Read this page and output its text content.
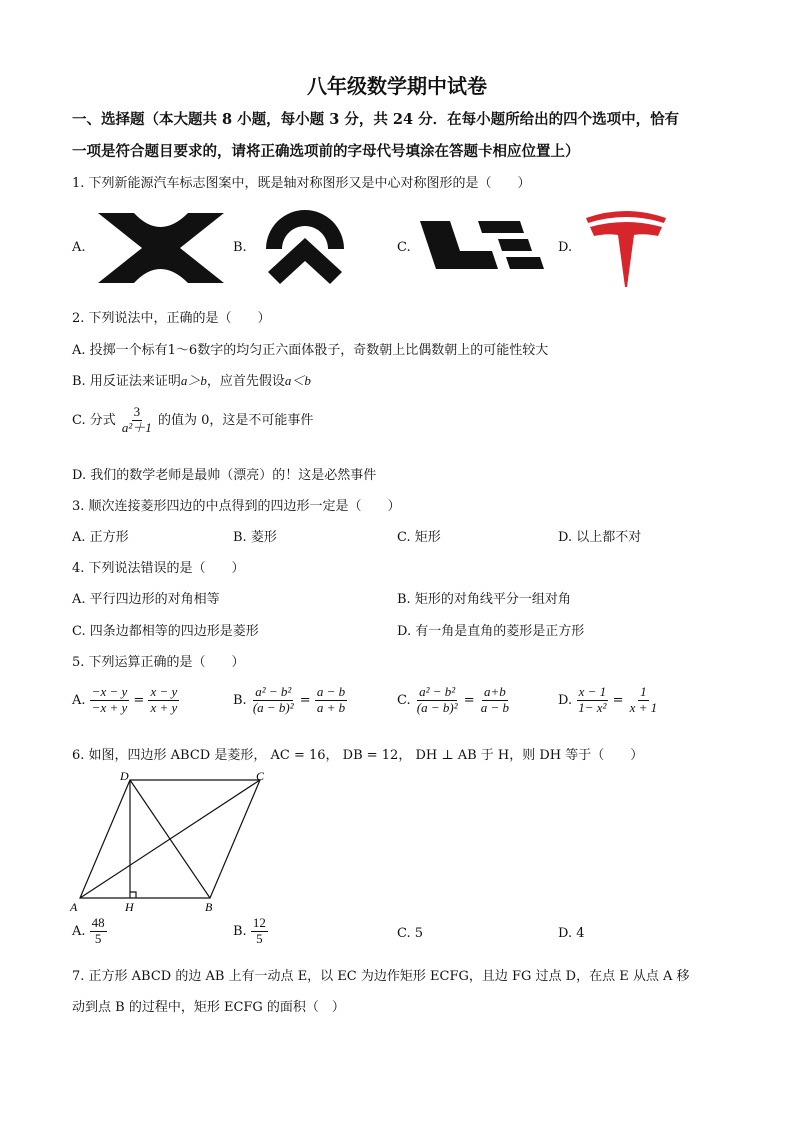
八年级数学期中试卷
一、选择题（本大题共 8 小题，每小题 3 分，共 24 分．在每小题所给出的四个选项中，恰有
一项是符合题目要求的，请将正确选项前的字母代号填涂在答题卡相应位置上）
1. 下列新能源汽车标志图案中，既是轴对称图形又是中心对称图形的是（　　）
A.	B.	C.	D.
2. 下列说法中，正确的是（　　）
A. 投掷一个标有1～6数字的均匀正六面体骰子，奇数朝上比偶数朝上的可能性较大
B. 用反证法来证明a＞b，应首先假设a＜b
C. 分式 $\frac{3}{\text{a²＋1}}$ 的值为 0，这是不可能事件
D. 我们的数学老师是最帅（漂亮）的！这是必然事件
3. 顺次连接菱形四边的中点得到的四边形一定是（　　）
A. 正方形	B. 菱形	C. 矩形	D. 以上都不对
4. 下列说法错误的是（　　）
A. 平行四边形的对角相等	B. 矩形的对角线平分一组对角
C. 四条边都相等的四边形是菱形	D. 有一角是直角的菱形是正方形
5. 下列运算正确的是（　　）
A. $\frac{-x - y}{-x + y} = \frac{x - y}{x + y}$	B. $\frac{\text{a² − b²}}{\text{(a − b)²}} = \frac{a - b}{a + b}$	C. $\frac{\text{a² − b²}}{\text{(a − b)²}} = \frac{a+b}{a - b}$	D. $\frac{x - 1}{\text{1− x²}} = \frac{1}{x + 1}$
6. 如图，四边形 ABCD 是菱形， AC = 16， DB = 12， DH ⊥ AB 于 H，则 DH 等于（　　）
A	H	B
D	C
A. $\frac{48}{5}$	B. $\frac{12}{5}$	C. 5	D. 4
7. 正方形 ABCD 的边 AB 上有一动点 E，以 EC 为边作矩形 ECFG，且边 FG 过点 D，在点 E 从点 A 移
动到点 B 的过程中，矩形 ECFG 的面积（　）
